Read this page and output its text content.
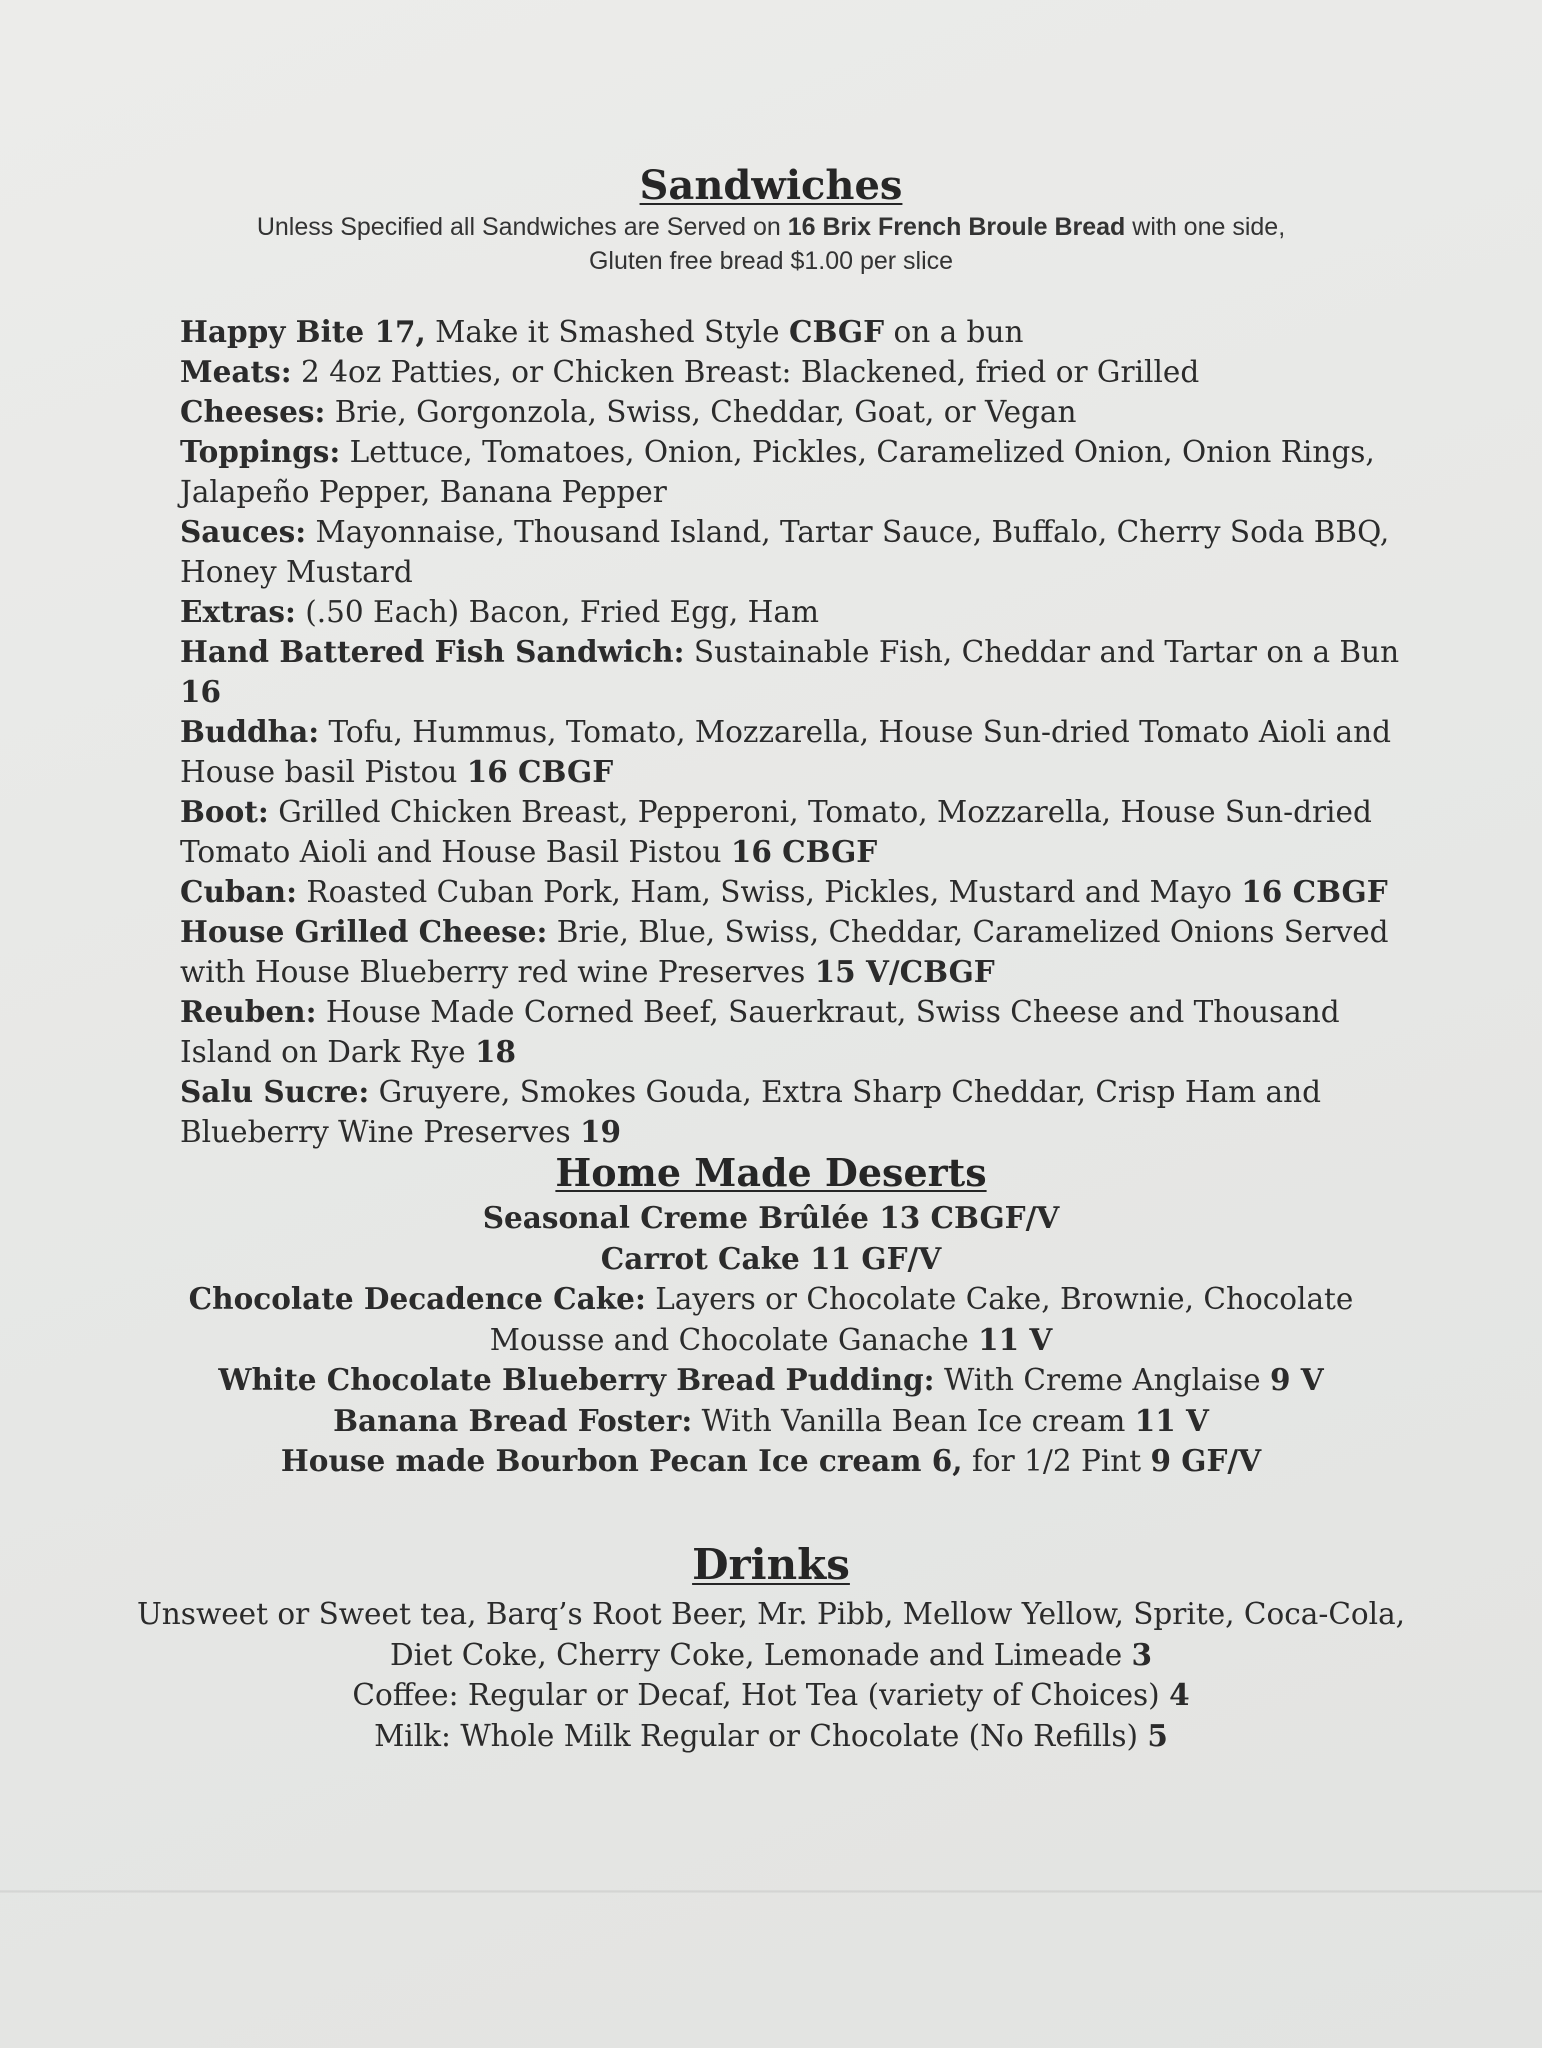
Sandwiches
Unless Specified all Sandwiches are Served on 16 Brix French Broule Bread with one side,
Gluten free bread $1.00 per slice

Happy Bite 17, Make it Smashed Style CBGF on a bun

Meats: 2 4oz Patties, or Chicken Breast: Blackened, fried or Grilled

Cheeses: Brie, Gorgonzola, Swiss, Cheddar, Goat, or Vegan

Toppings: Lettuce, Tomatoes, Onion, Pickles, Caramelized Onion, Onion Rings, Jalapeño Pepper, Banana Pepper

Sauces: Mayonnaise, Thousand Island, Tartar Sauce, Buffalo, Cherry Soda BBQ, Honey Mustard

Extras: (.50 Each) Bacon, Fried Egg, Ham

Hand Battered Fish Sandwich: Sustainable Fish, Cheddar and Tartar on a Bun 16

Buddha: Tofu, Hummus, Tomato, Mozzarella, House Sun-dried Tomato Aioli and House basil Pistou 16 CBGF

Boot: Grilled Chicken Breast, Pepperoni, Tomato, Mozzarella, House Sun-dried Tomato Aioli and House Basil Pistou 16 CBGF

Cuban: Roasted Cuban Pork, Ham, Swiss, Pickles, Mustard and Mayo 16 CBGF

House Grilled Cheese: Brie, Blue, Swiss, Cheddar, Caramelized Onions Served with House Blueberry red wine Preserves 15 V/CBGF

Reuben: House Made Corned Beef, Sauerkraut, Swiss Cheese and Thousand Island on Dark Rye 18

Salu Sucre: Gruyere, Smokes Gouda, Extra Sharp Cheddar, Crisp Ham and Blueberry Wine Preserves 19

Home Made Deserts

Seasonal Creme Brûlée 13 CBGF/V

Carrot Cake 11 GF/V

Chocolate Decadence Cake: Layers or Chocolate Cake, Brownie, Chocolate Mousse and Chocolate Ganache 11 V

White Chocolate Blueberry Bread Pudding: With Creme Anglaise 9 V

Banana Bread Foster: With Vanilla Bean Ice cream 11 V

House made Bourbon Pecan Ice cream 6, for 1/2 Pint 9 GF/V

Drinks

Unsweet or Sweet tea, Barq’s Root Beer, Mr. Pibb, Mellow Yellow, Sprite, Coca-Cola,

Diet Coke, Cherry Coke, Lemonade and Limeade 3

Coffee: Regular or Decaf, Hot Tea (variety of Choices) 4

Milk: Whole Milk Regular or Chocolate (No Refills) 5
